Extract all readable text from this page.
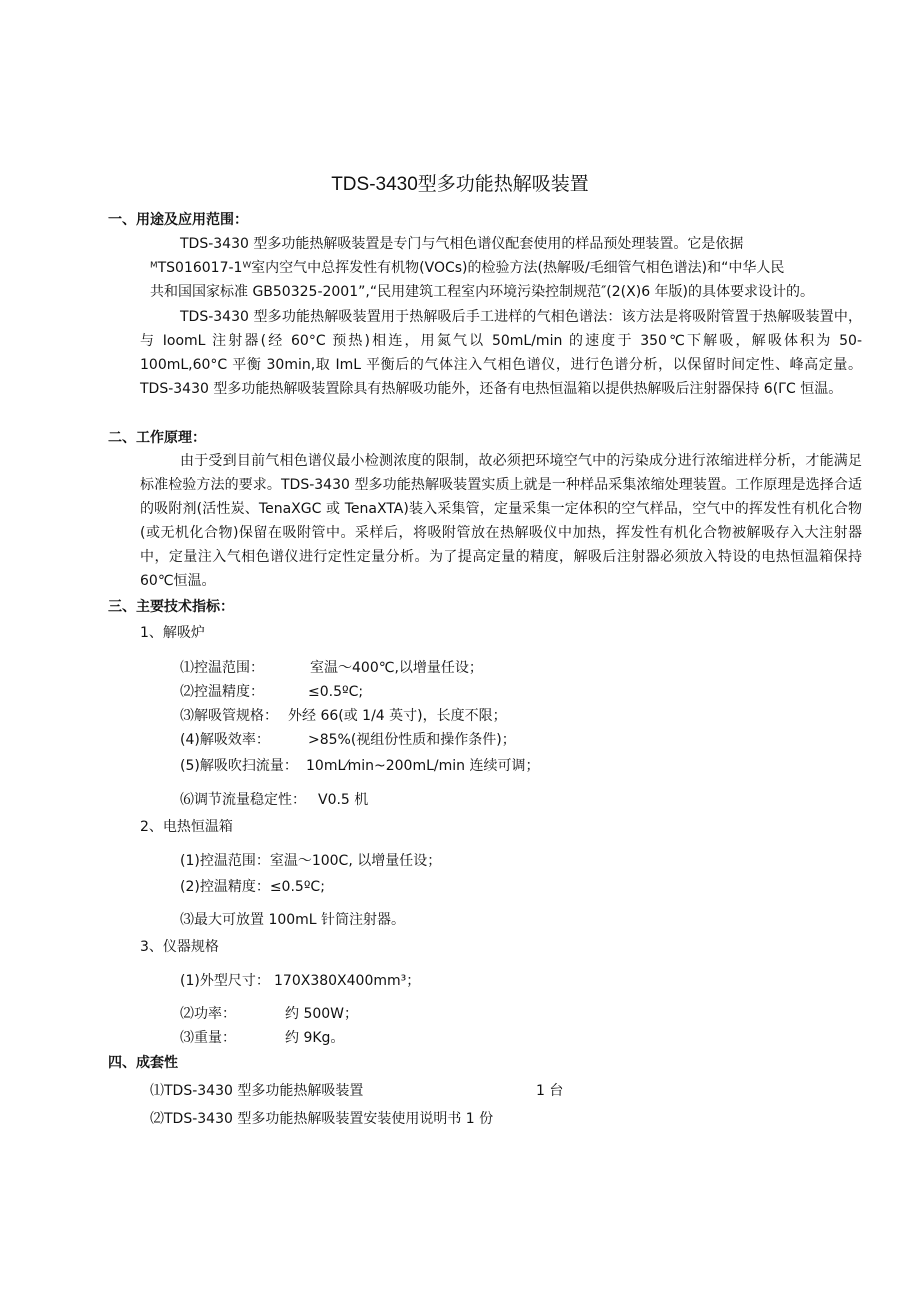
TDS-3430型多功能热解吸装置
一、用途及应用范围：
TDS-3430 型多功能热解吸装置是专门与气相色谱仪配套使用的样品预处理装置。它是依据
ᴹTS016017-1ᵂ室内空气中总挥发性有机物(VOCs)的检验方法(热解吸/毛细管气相色谱法)和“中华人民
共和国国家标准 GB50325-2001”,“民用建筑工程室内环境污染控制规范″(2(X)6 年版)的具体要求设计的。

TDS-3430 型多功能热解吸装置用于热解吸后手工进样的气相色谱法：该方法是将吸附管置于热解吸装置中，与 IoomL 注射器(经 60°C 预热)相连，用氮气以 50mL/min 的速度于 350℃下解吸，解吸体积为 50-100mL,60°C 平衡 30min,取 ImL 平衡后的气体注入气相色谱仪，进行色谱分析，以保留时间定性、峰高定量。TDS-3430 型多功能热解吸装置除具有热解吸功能外，还备有电热恒温箱以提供热解吸后注射器保持 6(ΓC 恒温。

二、工作原理：

由于受到目前气相色谱仪最小检测浓度的限制，故必须把环境空气中的污染成分进行浓缩进样分析，才能满足标准检验方法的要求。TDS-3430 型多功能热解吸装置实质上就是一种样品采集浓缩处理装置。工作原理是选择合适的吸附剂(活性炭、TenaXGC 或 TenaXTA)装入采集管，定量采集一定体积的空气样品，空气中的挥发性有机化合物(或无机化合物)保留在吸附管中。采样后，将吸附管放在热解吸仪中加热，挥发性有机化合物被解吸存入大注射器中，定量注入气相色谱仪进行定性定量分析。为了提高定量的精度，解吸后注射器必须放入特设的电热恒温箱保持 60℃恒温。

三、主要技术指标：
1、解吸炉
⑴控温范围：	室温～400℃,以增量任设；
⑵控温精度：	≤0.5ºC;
⑶解吸管规格： 外经 66(或 1/4 英寸)，长度不限；
(4)解吸效率：	>85%(视组份性质和操作条件)；
(5)解吸吹扫流量： 10mL⁄min~200mL/min 连续可调；
⑹调节流量稳定性： V0.5 机
2、电热恒温箱
(1)控温范围：室温～100C, 以增量任设；
(2)控温精度：≤0.5ºC;
⑶最大可放置 100mL 针筒注射器。
3、仪器规格
(1)外型尺寸： 170X380X400mm³；
⑵功率：	约 500W；
⑶重量：	约 9Kg。
四、成套性
⑴TDS-3430 型多功能热解吸装置	1 台
⑵TDS-3430 型多功能热解吸装置安装使用说明书 1 份
